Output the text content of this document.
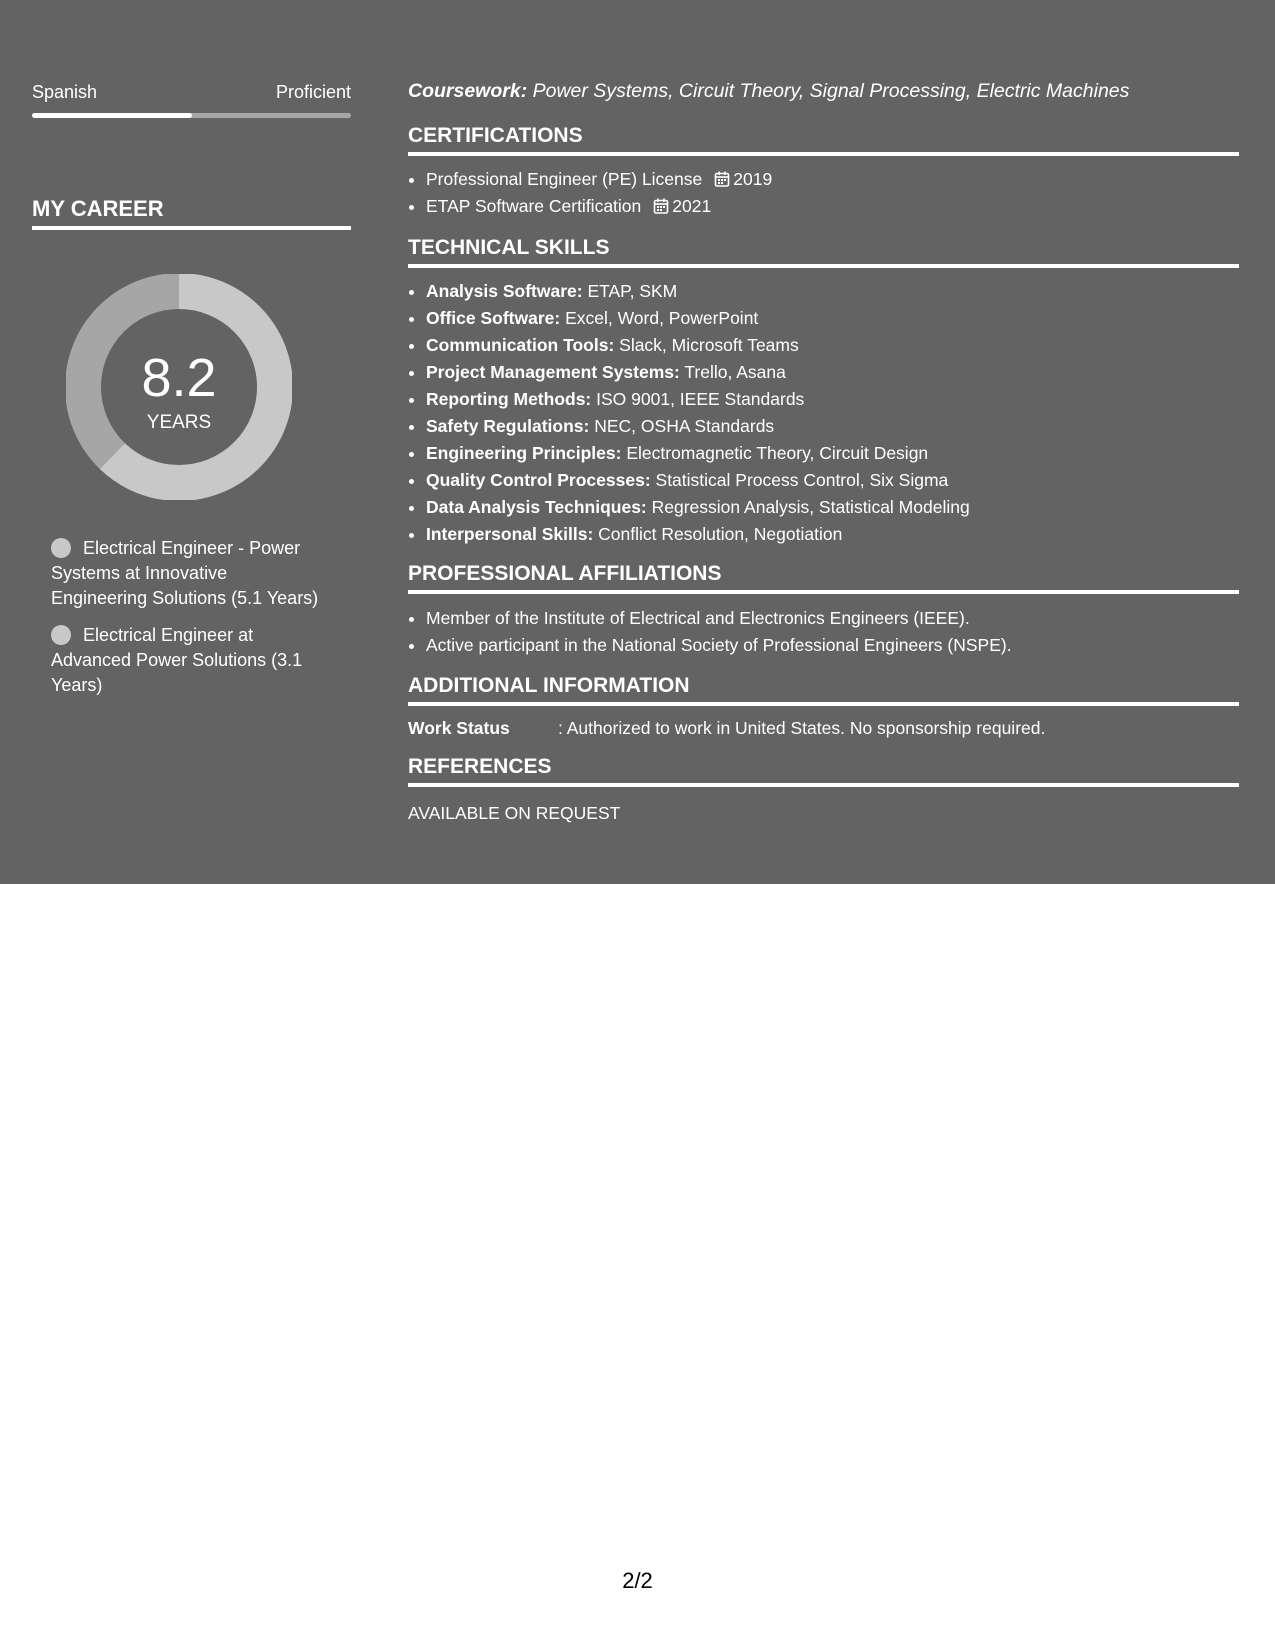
Spanish	Proficient
MY CAREER
8.2
YEARS
Electrical Engineer - Power Systems at Innovative Engineering Solutions (5.1 Years)
Electrical Engineer at Advanced Power Solutions (3.1 Years)
Coursework: Power Systems, Circuit Theory, Signal Processing, Electric Machines
CERTIFICATIONS
• Professional Engineer (PE) License 2019
• ETAP Software Certification 2021
TECHNICAL SKILLS
• Analysis Software: ETAP, SKM
• Office Software: Excel, Word, PowerPoint
• Communication Tools: Slack, Microsoft Teams
• Project Management Systems: Trello, Asana
• Reporting Methods: ISO 9001, IEEE Standards
• Safety Regulations: NEC, OSHA Standards
• Engineering Principles: Electromagnetic Theory, Circuit Design
• Quality Control Processes: Statistical Process Control, Six Sigma
• Data Analysis Techniques: Regression Analysis, Statistical Modeling
• Interpersonal Skills: Conflict Resolution, Negotiation
PROFESSIONAL AFFILIATIONS
• Member of the Institute of Electrical and Electronics Engineers (IEEE).
• Active participant in the National Society of Professional Engineers (NSPE).
ADDITIONAL INFORMATION
Work Status	: Authorized to work in United States. No sponsorship required.
REFERENCES
AVAILABLE ON REQUEST
2/2
